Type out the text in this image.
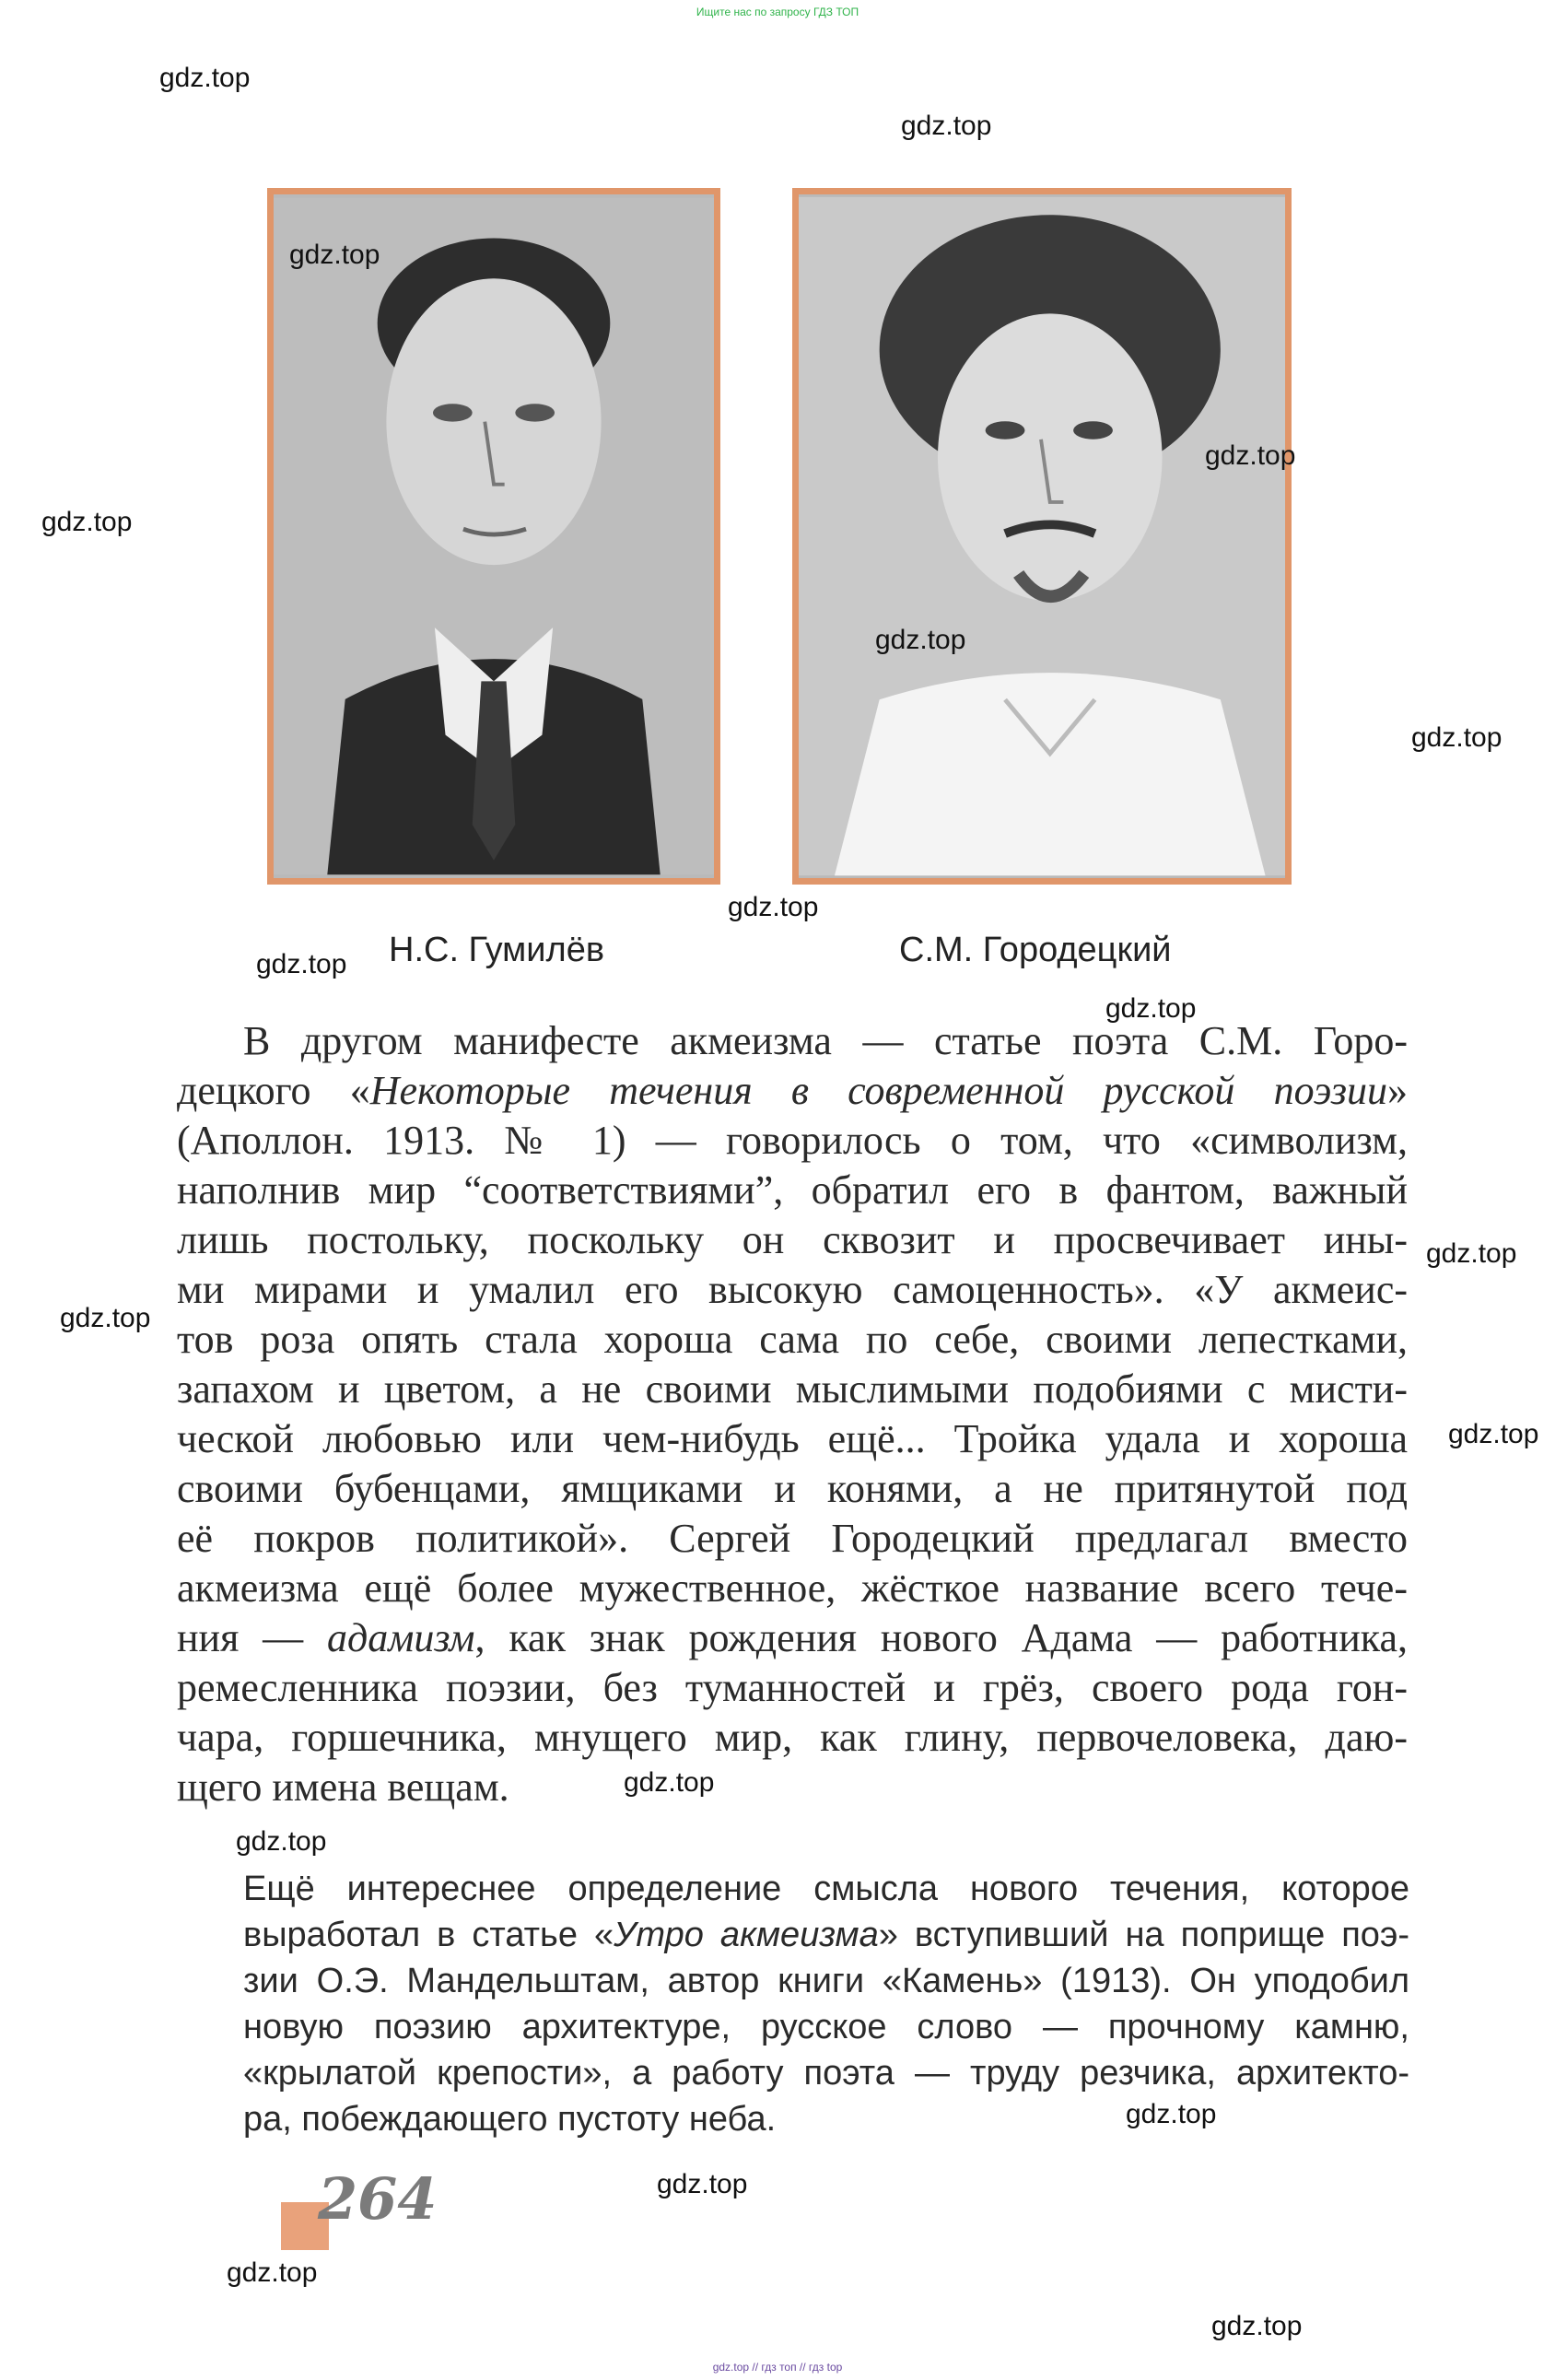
Ищите нас по запросу ГДЗ ТОП
Н.С. Гумилёв	С.М. Городецкий
В другом манифесте акмеизма — статье поэта С.М. Горо-
децкого «Некоторые течения в современной русской поэзии»
(Аполлон. 1913. № 1) — говорилось о том, что «символизм,
наполнив мир “соответствиями”, обратил его в фантом, важный
лишь постольку, поскольку он сквозит и просвечивает ины-
ми мирами и умалил его высокую самоценность». «У акмеис-
тов роза опять стала хороша сама по себе, своими лепестками,
запахом и цветом, а не своими мыслимыми подобиями с мисти-
ческой любовью или чем-нибудь ещё... Тройка удала и хороша
своими бубенцами, ямщиками и конями, а не притянутой под
её покров политикой». Сергей Городецкий предлагал вместо
акмеизма ещё более мужественное, жёсткое название всего тече-
ния — адамизм, как знак рождения нового Адама — работника,
ремесленника поэзии, без туманностей и грёз, своего рода гон-
чара, горшечника, мнущего мир, как глину, первочеловека, даю-
щего имена вещам.
Ещё интереснее определение смысла нового течения, которое
выработал в статье «Утро акмеизма» вступивший на поприще поэ-
зии О.Э. Мандельштам, автор книги «Камень» (1913). Он уподобил
новую поэзию архитектуре, русское слово — прочному камню,
«крылатой крепости», а работу поэта — труду резчика, архитекто-
ра, побеждающего пустоту неба.
264
gdz.top
gdz.top
gdz.top
gdz.top
gdz.top
gdz.top
gdz.top
gdz.top
gdz.top
gdz.top
gdz.top
gdz.top
gdz.top
gdz.top
gdz.top
gdz.top
gdz.top
gdz.top
gdz.top
gdz.top // гдз топ // гдз top
